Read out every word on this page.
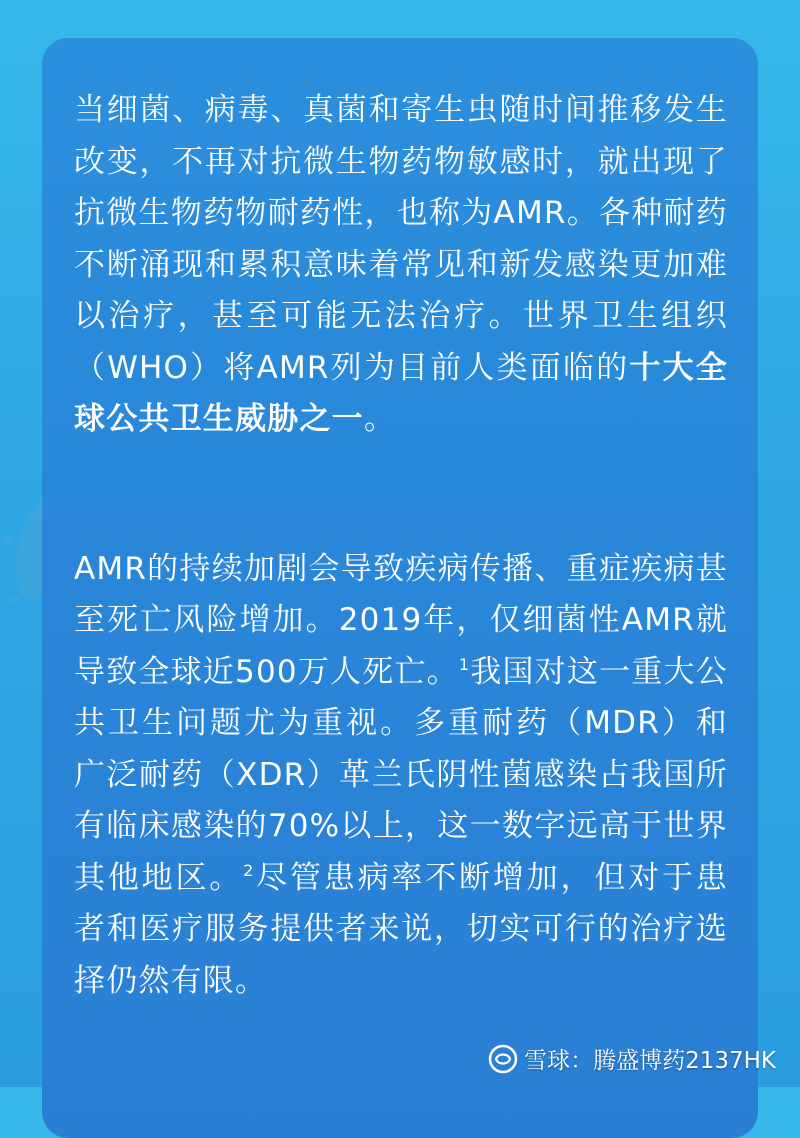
当细菌、病毒、真菌和寄生虫随时间推移发生改变，不再对抗微生物药物敏感时，就出现了抗微生物药物耐药性，也称为AMR。各种耐药不断涌现和累积意味着常见和新发感染更加难以治疗，甚至可能无法治疗。世界卫生组织（WHO）将AMR列为目前人类面临的十大全球公共卫生威胁之一。

AMR的持续加剧会导致疾病传播、重症疾病甚至死亡风险增加。2019年，仅细菌性AMR就导致全球近500万人死亡。$^1$我国对这一重大公共卫生问题尤为重视。多重耐药（MDR）和广泛耐药（XDR）革兰氏阴性菌感染占我国所有临床感染的70%以上，这一数字远高于世界其他地区。$^2$尽管患病率不断增加，但对于患者和医疗服务提供者来说，切实可行的治疗选择仍然有限。

雪球 ： 腾盛博药2137HK
